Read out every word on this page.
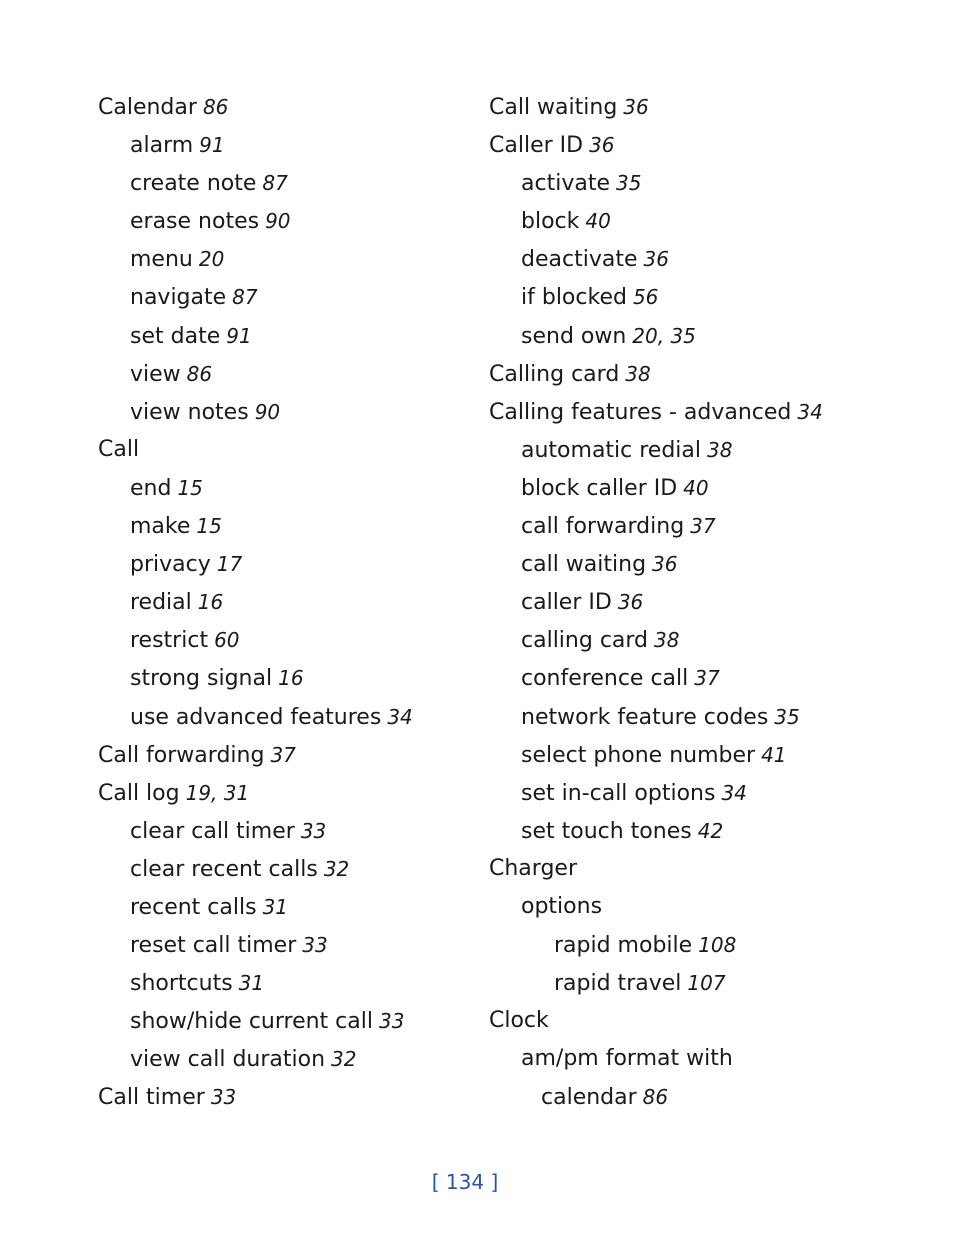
Calendar 86
alarm 91
create note 87
erase notes 90
menu 20
navigate 87
set date 91
view 86
view notes 90
Call
end 15
make 15
privacy 17
redial 16
restrict 60
strong signal 16
use advanced features 34
Call forwarding 37
Call log 19, 31
clear call timer 33
clear recent calls 32
recent calls 31
reset call timer 33
shortcuts 31
show/hide current call 33
view call duration 32
Call timer 33
Call waiting 36
Caller ID 36
activate 35
block 40
deactivate 36
if blocked 56
send own 20, 35
Calling card 38
Calling features - advanced 34
automatic redial 38
block caller ID 40
call forwarding 37
call waiting 36
caller ID 36
calling card 38
conference call 37
network feature codes 35
select phone number 41
set in-call options 34
set touch tones 42
Charger
options
rapid mobile 108
rapid travel 107
Clock
am/pm format with
calendar 86
[ 134 ]
